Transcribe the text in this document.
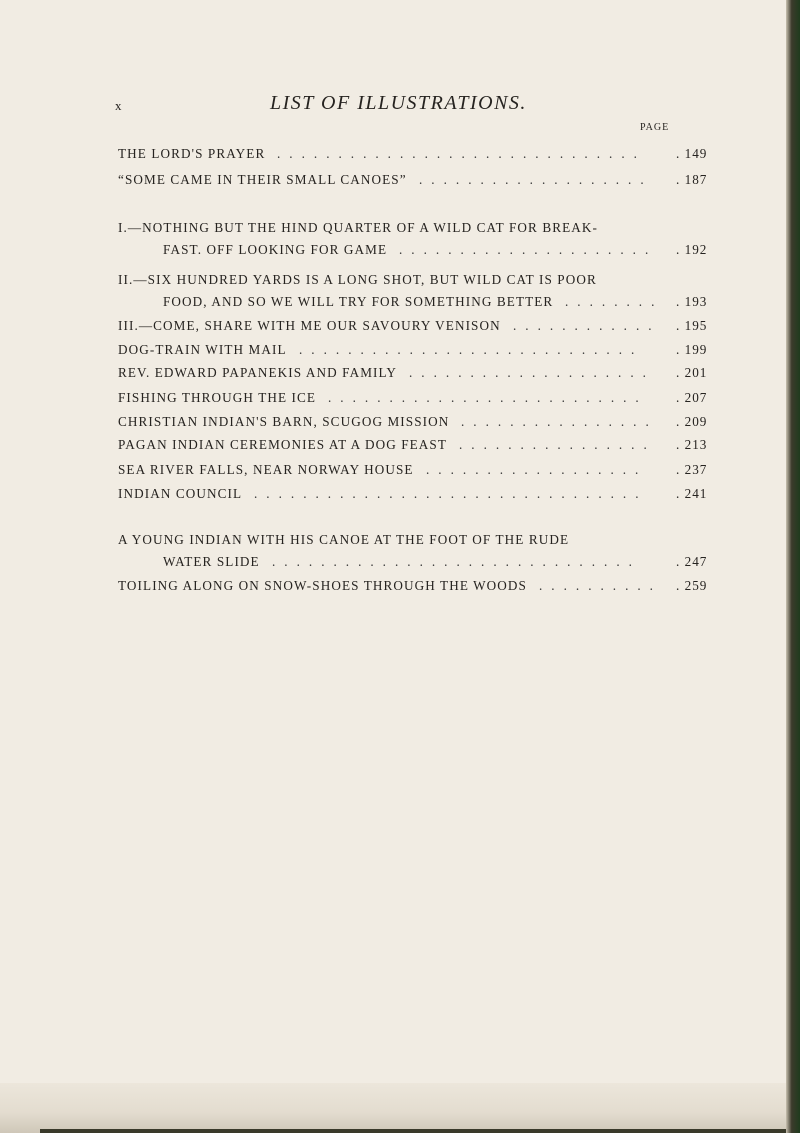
x	LIST OF ILLUSTRATIONS.
PAGE
THE LORD'S PRAYER ..............................	. 149
“SOME CAME IN THEIR SMALL CANOES” ...................	. 187
I.—NOTHING BUT THE HIND QUARTER OF A WILD CAT FOR BREAK-
FAST. OFF LOOKING FOR GAME .....................	. 192
II.—SIX HUNDRED YARDS IS A LONG SHOT, BUT WILD CAT IS POOR
FOOD, AND SO WE WILL TRY FOR SOMETHING BETTER ........	. 193
III.—COME, SHARE WITH ME OUR SAVOURY VENISON ............	. 195
DOG-TRAIN WITH MAIL ............................	. 199
REV. EDWARD PAPANEKIS AND FAMILY ....................	. 201
FISHING THROUGH THE ICE ..........................	. 207
CHRISTIAN INDIAN'S BARN, SCUGOG MISSION ................	. 209
PAGAN INDIAN CEREMONIES AT A DOG FEAST ................	. 213
SEA RIVER FALLS, NEAR NORWAY HOUSE ..................	. 237
INDIAN COUNCIL ................................	. 241
A YOUNG INDIAN WITH HIS CANOE AT THE FOOT OF THE RUDE
WATER SLIDE ..............................	. 247
TOILING ALONG ON SNOW-SHOES THROUGH THE WOODS ..........	. 259
